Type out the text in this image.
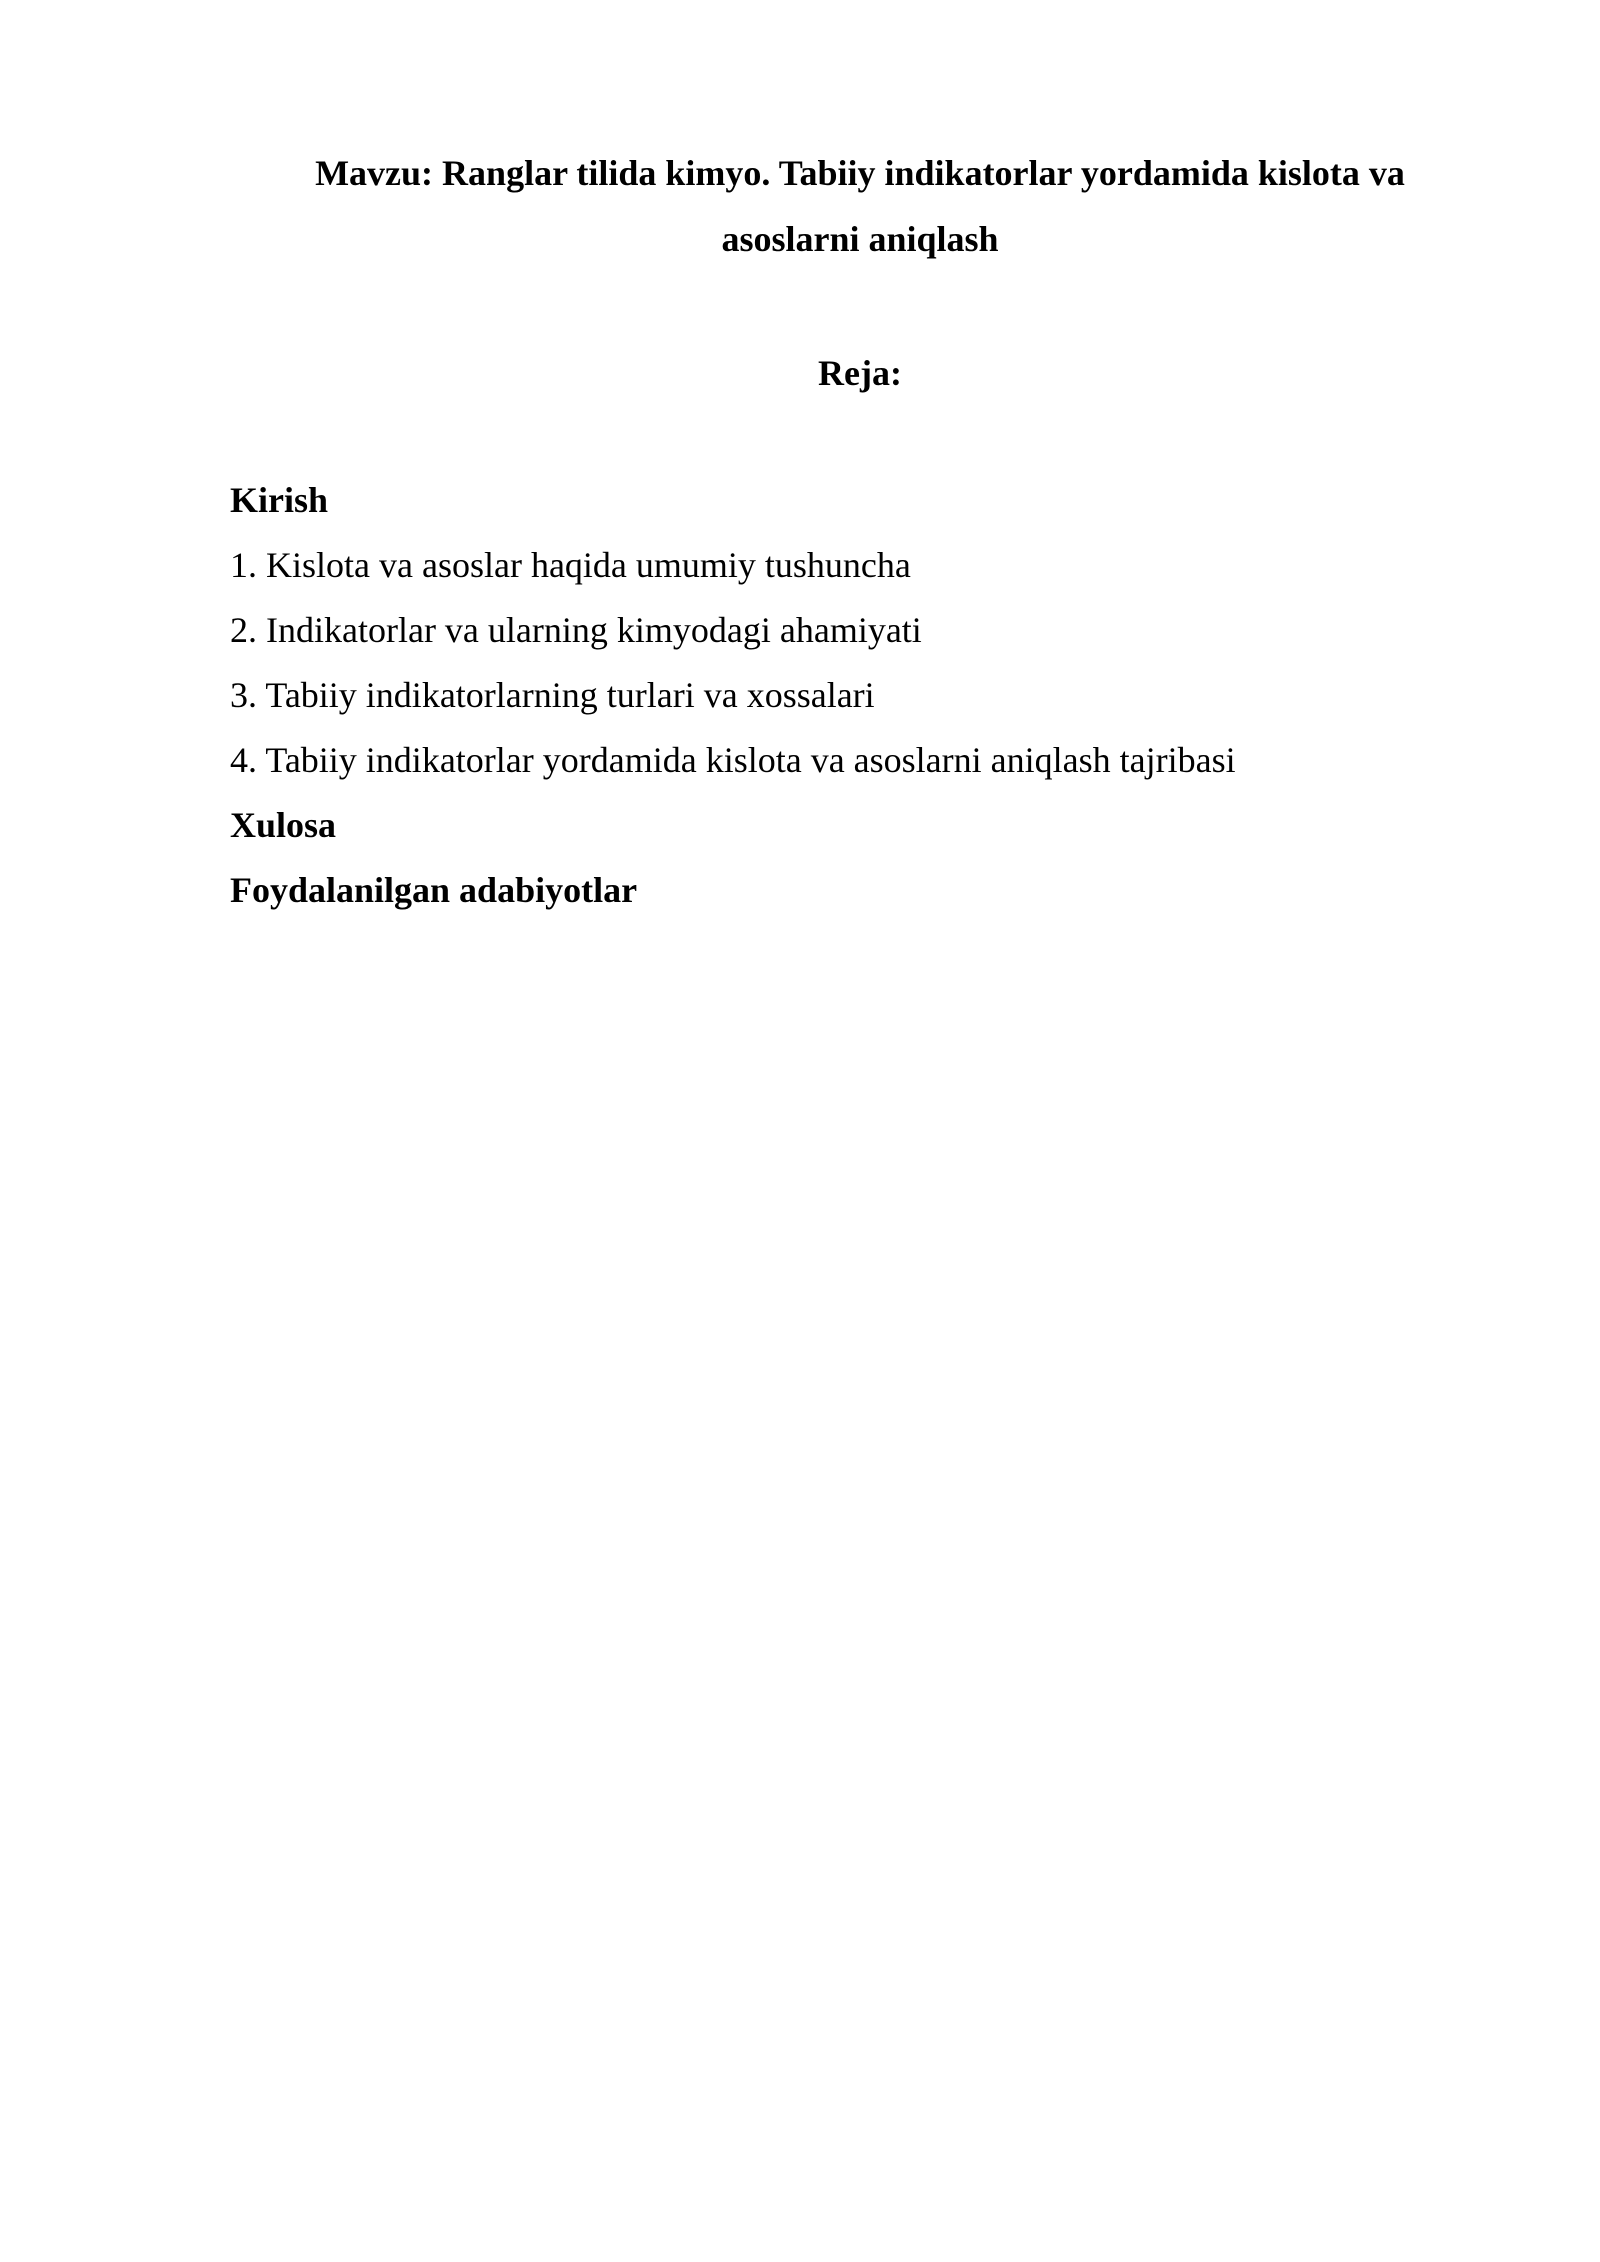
Mavzu: Ranglar tilida kimyo. Tabiiy indikatorlar yordamida kislota va
asoslarni aniqlash
Reja:
Kirish
1. Kislota va asoslar haqida umumiy tushuncha
2. Indikatorlar va ularning kimyodagi ahamiyati
3. Tabiiy indikatorlarning turlari va xossalari
4. Tabiiy indikatorlar yordamida kislota va asoslarni aniqlash tajribasi
Xulosa
Foydalanilgan adabiyotlar
